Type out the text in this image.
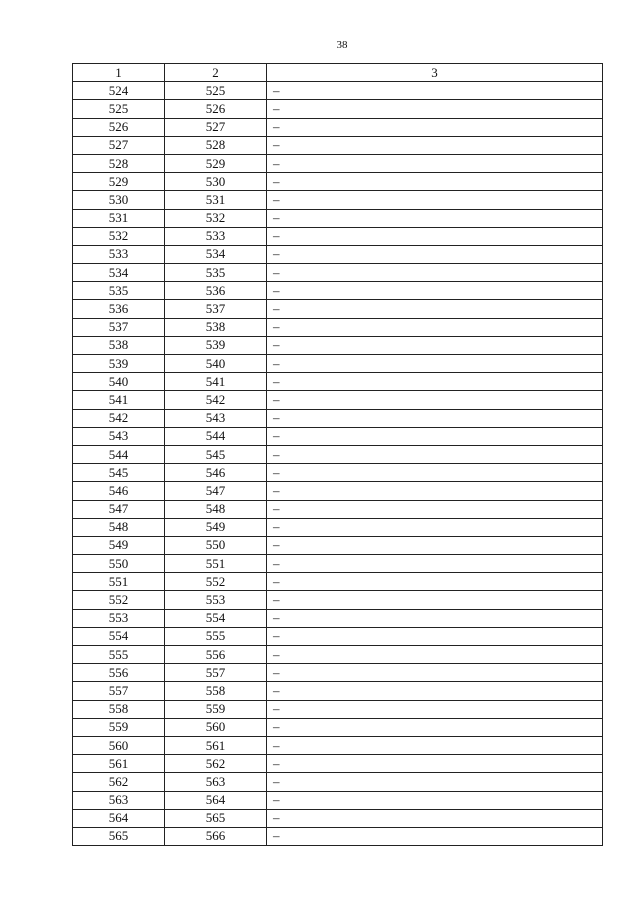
38
1	2	3
524	525	–
525	526	–
526	527	–
527	528	–
528	529	–
529	530	–
530	531	–
531	532	–
532	533	–
533	534	–
534	535	–
535	536	–
536	537	–
537	538	–
538	539	–
539	540	–
540	541	–
541	542	–
542	543	–
543	544	–
544	545	–
545	546	–
546	547	–
547	548	–
548	549	–
549	550	–
550	551	–
551	552	–
552	553	–
553	554	–
554	555	–
555	556	–
556	557	–
557	558	–
558	559	–
559	560	–
560	561	–
561	562	–
562	563	–
563	564	–
564	565	–
565	566	–
